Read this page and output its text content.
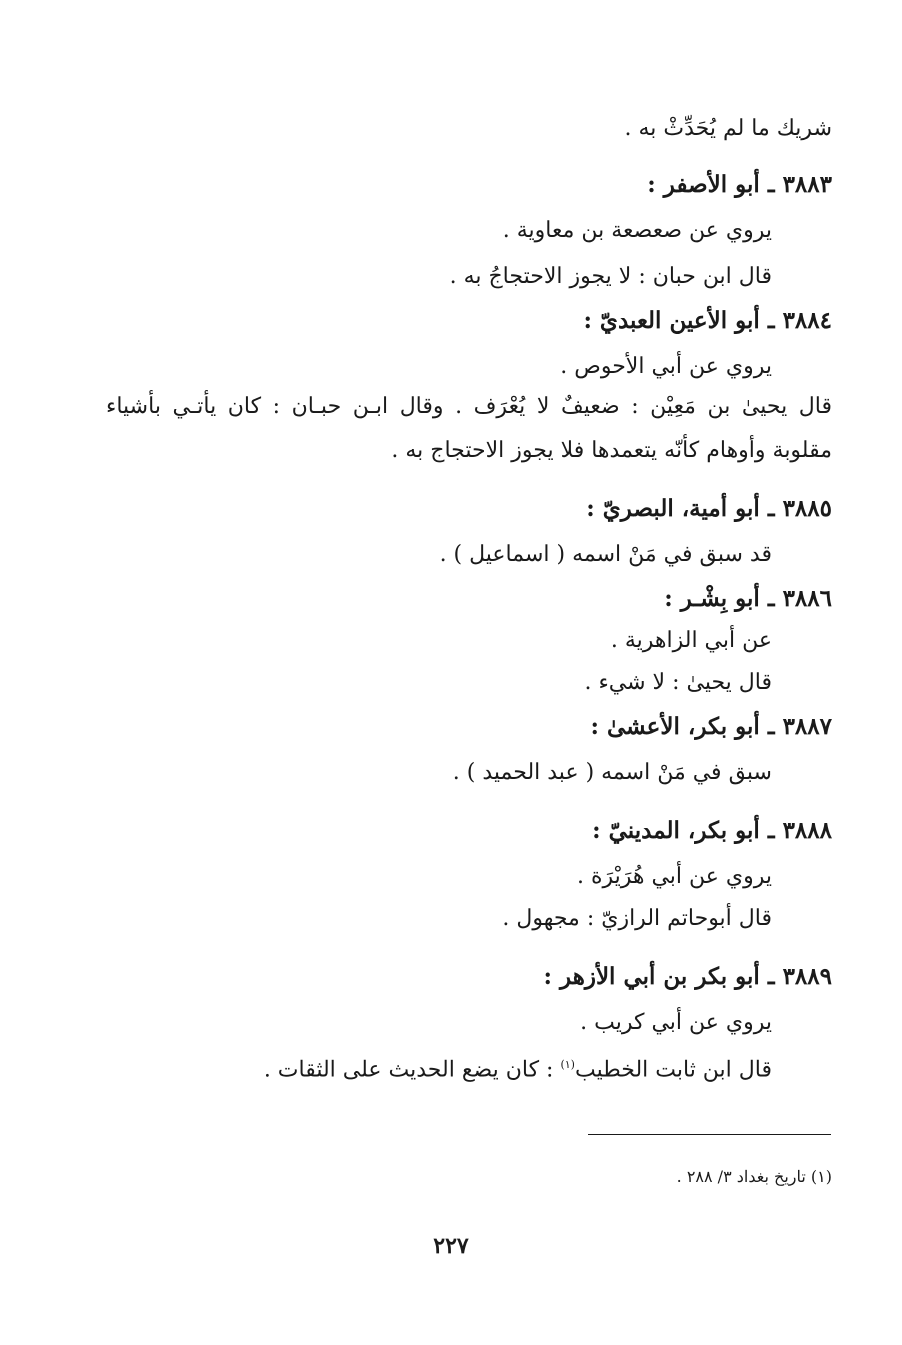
شريك ما لم يُحَدِّثْ به .
٣٨٨٣ ـ أبو الأصفر :
يروي عن صعصعة بن معاوية .
قال ابن حبان : لا يجوز الاحتجاجُ به .
٣٨٨٤ ـ أبو الأعين العبديّ :
يروي عن أبي الأحوص .
قال يحيىٰ بن مَعِيْن : ضعيفٌ لا يُعْرَف . وقال ابـن حبـان : كان يأتـي بأشياء
مقلوبة وأوهام كأنّه يتعمدها فلا يجوز الاحتجاج به .
٣٨٨٥ ـ أبو أمية، البصريّ :
قد سبق في مَنْ اسمه ( اسماعيل ) .
٣٨٨٦ ـ أبو بِشْـر :
عن أبي الزاهرية .
قال يحيىٰ : لا شيء .
٣٨٨٧ ـ أبو بكر، الأعشىٰ :
سبق في مَنْ اسمه ( عبد الحميد ) .
٣٨٨٨ ـ أبو بكر، المدينيّ :
يروي عن أبي هُرَيْرَة .
قال أبوحاتم الرازيّ : مجهول .
٣٨٨٩ ـ أبو بكر بن أبي الأزهر :
يروي عن أبي كريب .
قال ابن ثابت الخطيب$^{(١)}$ : كان يضع الحديث على الثقات .
(١) تاريخ بغداد ٣/ ٢٨٨ .
٢٢٧
